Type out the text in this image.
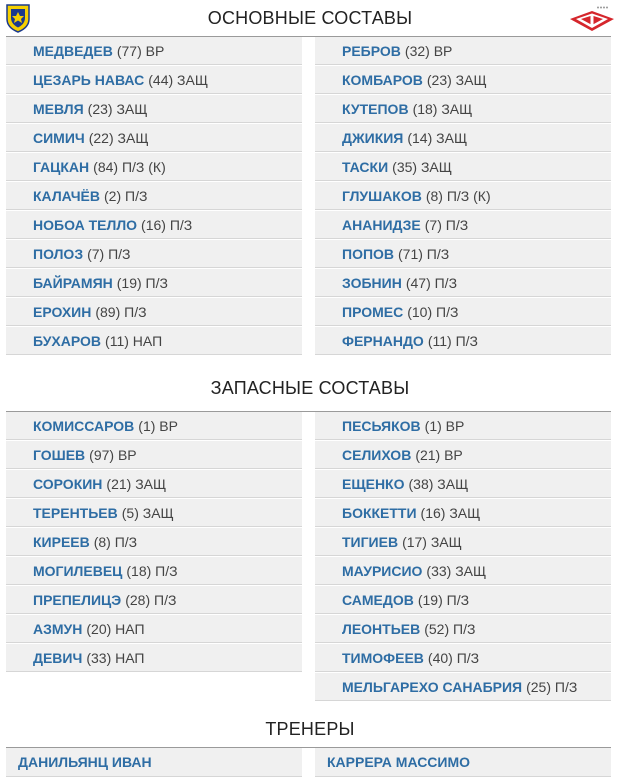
ОСНОВНЫЕ СОСТАВЫ
МЕДВЕДЕВ (77) ВР
ЦЕЗАРЬ НАВАС (44) ЗАЩ
МЕВЛЯ (23) ЗАЩ
СИМИЧ (22) ЗАЩ
ГАЦКАН (84) П/З (К)
КАЛАЧЁВ (2) П/З
НОБОА ТЕЛЛО (16) П/З
ПОЛОЗ (7) П/З
БАЙРАМЯН (19) П/З
ЕРОХИН (89) П/З
БУХАРОВ (11) НАП
РЕБРОВ (32) ВР
КОМБАРОВ (23) ЗАЩ
КУТЕПОВ (18) ЗАЩ
ДЖИКИЯ (14) ЗАЩ
ТАСКИ (35) ЗАЩ
ГЛУШАКОВ (8) П/З (К)
АНАНИДЗЕ (7) П/З
ПОПОВ (71) П/З
ЗОБНИН (47) П/З
ПРОМЕС (10) П/З
ФЕРНАНДО (11) П/З
ЗАПАСНЫЕ СОСТАВЫ
КОМИССАРОВ (1) ВР
ГОШЕВ (97) ВР
СОРОКИН (21) ЗАЩ
ТЕРЕНТЬЕВ (5) ЗАЩ
КИРЕЕВ (8) П/З
МОГИЛЕВЕЦ (18) П/З
ПРЕПЕЛИЦЭ (28) П/З
АЗМУН (20) НАП
ДЕВИЧ (33) НАП
ПЕСЬЯКОВ (1) ВР
СЕЛИХОВ (21) ВР
ЕЩЕНКО (38) ЗАЩ
БОККЕТТИ (16) ЗАЩ
ТИГИЕВ (17) ЗАЩ
МАУРИСИО (33) ЗАЩ
САМЕДОВ (19) П/З
ЛЕОНТЬЕВ (52) П/З
ТИМОФЕЕВ (40) П/З
МЕЛЬГАРЕХО САНАБРИЯ (25) П/З
ТРЕНЕРЫ
ДАНИЛЬЯНЦ ИВАН	КАРРЕРА МАССИМО
